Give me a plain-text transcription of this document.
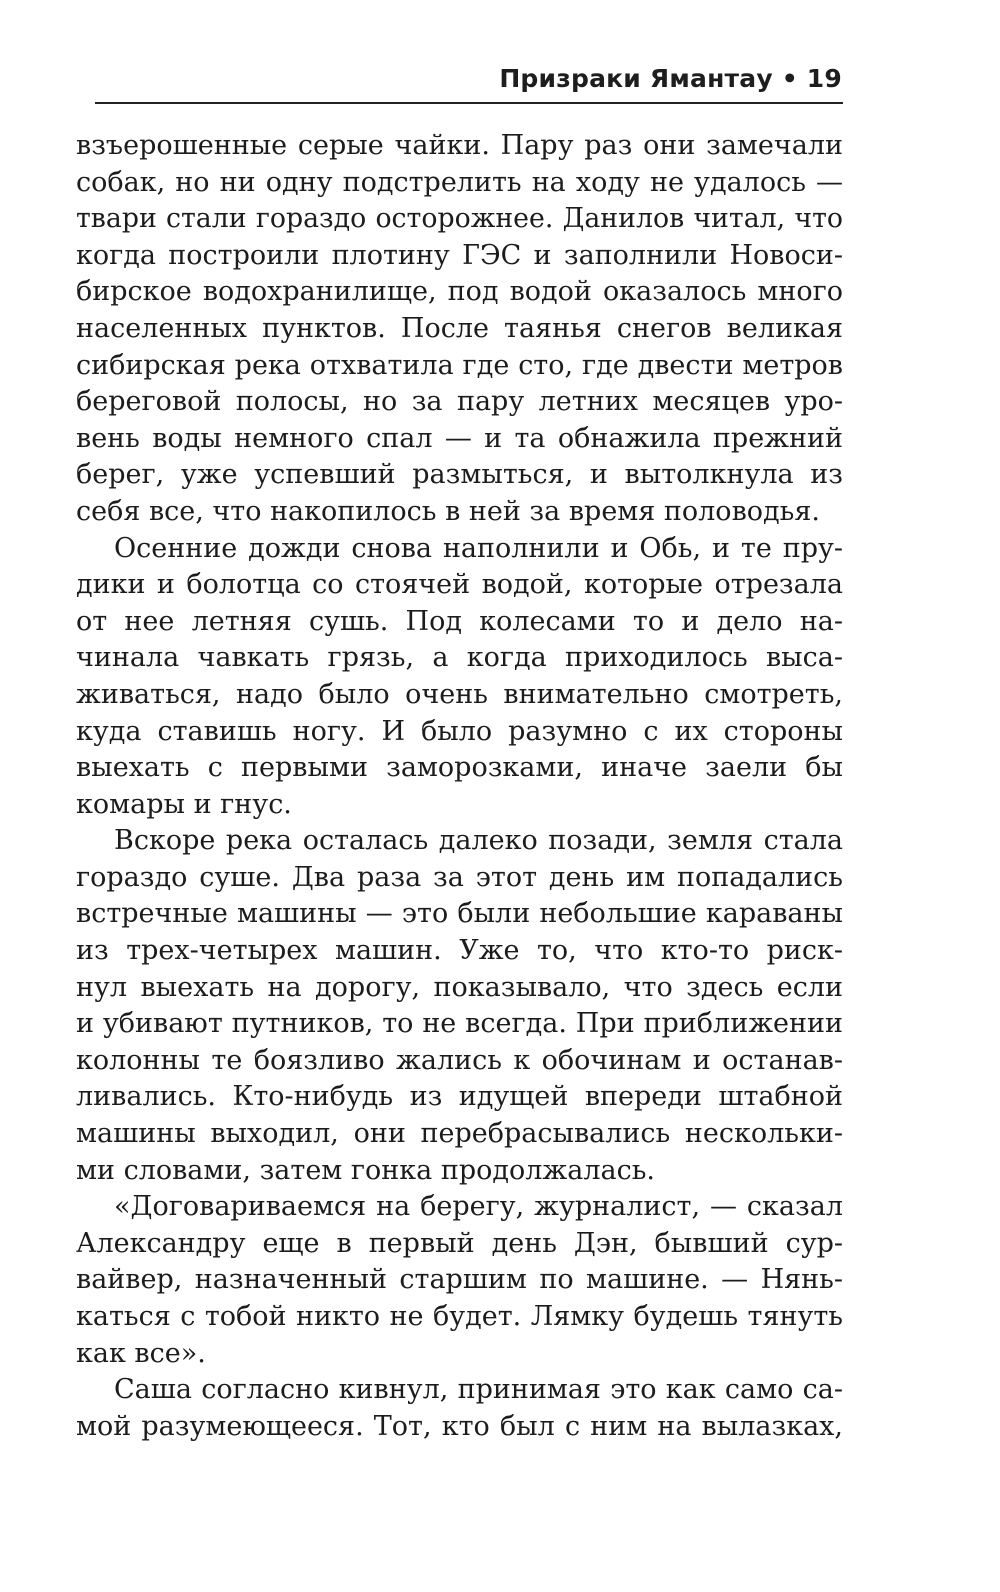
Призраки Ямантау • 19
взъерошенные серые чайки. Пару раз они замечали
собак, но ни одну подстрелить на ходу не удалось —
твари стали гораздо осторожнее. Данилов читал, что
когда построили плотину ГЭС и заполнили Новоси-
бирское водохранилище, под водой оказалось много
населенных пунктов. После таянья снегов великая
сибирская река отхватила где сто, где двести метров
береговой полосы, но за пару летних месяцев уро-
вень воды немного спал — и та обнажила прежний
берег, уже успевший размыться, и вытолкнула из
себя все, что накопилось в ней за время половодья.
Осенние дожди снова наполнили и Обь, и те пру-
дики и болотца со стоячей водой, которые отрезала
от нее летняя сушь. Под колесами то и дело на-
чинала чавкать грязь, а когда приходилось выса-
живаться, надо было очень внимательно смотреть,
куда ставишь ногу. И было разумно с их стороны
выехать с первыми заморозками, иначе заели бы
комары и гнус.
Вскоре река осталась далеко позади, земля стала
гораздо суше. Два раза за этот день им попадались
встречные машины — это были небольшие караваны
из трех-четырех машин. Уже то, что кто-то риск-
нул выехать на дорогу, показывало, что здесь если
и убивают путников, то не всегда. При приближении
колонны те боязливо жались к обочинам и останав-
ливались. Кто-нибудь из идущей впереди штабной
машины выходил, они перебрасывались нескольки-
ми словами, затем гонка продолжалась.
«Договариваемся на берегу, журналист, — сказал
Александру еще в первый день Дэн, бывший сур-
вайвер, назначенный старшим по машине. — Нянь-
каться с тобой никто не будет. Лямку будешь тянуть
как все».
Саша согласно кивнул, принимая это как само са-
мой разумеющееся. Тот, кто был с ним на вылазках,
